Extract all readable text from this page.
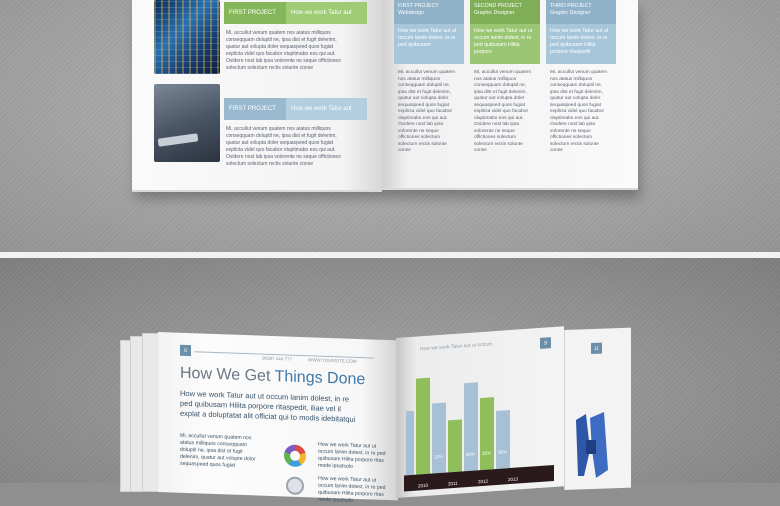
FIRST PROJECT	How we work Tatur aut
Mi, accullut venum quatem nos atatus milliquos conseqquam doluptil ne, ipsa dist et fugit delenim, quatur aut volupta doler sequaspeed quos fugiat explicta videl quo facabor oluptimabo eos qui aut. Ovidere nost lab ipsa volorente ne seque offictiones solectum solectum rectis solunte conse
FIRST PROJECT	How we work Tatur aut
Mi, accullut venum quatem nos atatus milliquos conseqquam doluptil ne, ipsa dist et fugit delenim, quatur aut volupta doler sequaspeed quos fugiat explicta videl quo facabor oluptimabo eos qui aut. Ovidere nost lab ipsa volorente ne seque offictiones solectum solectum rectis solunte conse
FIRST PROJECT
Webdesign
How we work Tatur aut ut occum lanim dolest, in re ped quibusam
Mi, accullut venum quatem nos atatus milliquos conseqquam doluptil ne, ipsa dist et fugit delenim, quatur aut volupta doler sequaspeed quos fugiat explicta videl quo facabor oluptimabo eos qui aut. Ovidere nost lab ipsa volorente ne seque offictiones solectum solectum rectis solunte conse
SECOND PROJECT
Graphic Designer
How we work Tatur aut ut occum lanim dolest, in re ped quibusam Hilita porpore
Mi, accullut venum quatem nos atatus milliquos conseqquam doluptil ne, ipsa dist et fugit delenim, quatur aut volupta doler sequaspeed quos fugiat explicta videl quo facabor oluptimabo eos qui aut. Ovidere nost lab ipsa volorente ne seque offictiones solectum solectum rectis solunte conse
THIRD PROJECT
Graphic Designer
How we work Tatur aut ut occum lanim dolest, in re ped quibusam Hilita porpore ritaspedit
Mi, accullut venum quatem nos atatus milliquos conseqquam doluptil ne, ipsa dist et fugit delenim, quatur aut volupta doler sequaspeed quos fugiat explicta videl quo facabor oluptimabo eos qui aut. Ovidere nost lab ipsa volorente ne seque offictiones solectum solectum rectis solunte conse
8
00387 444 777	WWW.YOURSITE.COM
How We Get Things Done
How we work Tatur aut ut occum lanim dolest, in re ped quibusam Hilita porpore ritaspedit, iliae vel il explat a doluptatat alit officiat qui to modis idebitatqui
Mi, accullut venum quatem nos atatus milliquos conseqquam doluptil ne, ipsa dist et fugit delenim, quatur aut volupte dolor sequaspeed quos fugiat
How we work Tatur aut ut occum lanim dolest, in re ped quibusam Hilita porpore ritas mede ipsatsolo
How we work Tatur aut ut occum lanim dolest, in re ped quibusam Hilita porpore ritas mede ipsatsolo
9
How we work Tatur aut ut occum
2010	2011	2012	2013
11%	50% 25% 56%
11
